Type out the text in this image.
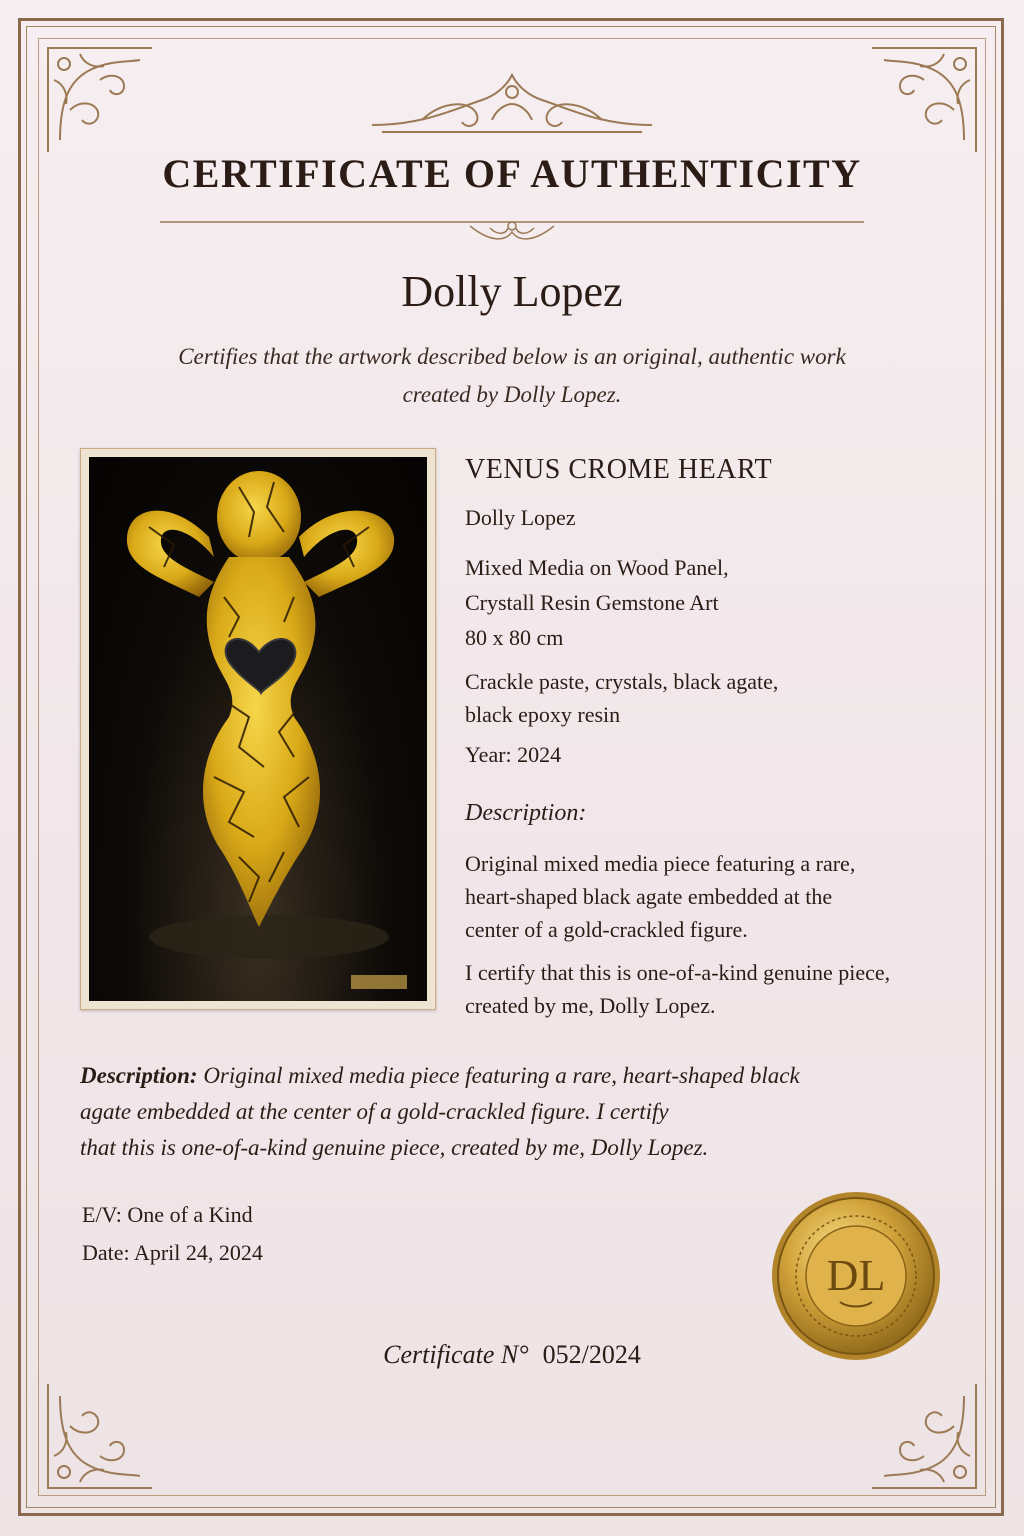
CERTIFICATE OF AUTHENTICITY
Dolly Lopez
Certifies that the artwork described below is an original, authentic work
created by Dolly Lopez.
VENUS CROME HEART
Dolly Lopez
Mixed Media on Wood Panel,
Crystall Resin Gemstone Art
80 x 80 cm
Crackle paste, crystals, black agate,
black epoxy resin
Year: 2024
Description:
Original mixed media piece featuring a rare,
heart-shaped black agate embedded at the
center of a gold-crackled figure.
I certify that this is one-of-a-kind genuine piece,
created by me, Dolly Lopez.
Description: Original mixed media piece featuring a rare, heart-shaped black
agate embedded at the center of a gold-crackled figure. I certify
that this is one-of-a-kind genuine piece, created by me, Dolly Lopez.
E/V: One of a Kind
Date: April 24, 2024
Certificate N° 052/2024
DL
